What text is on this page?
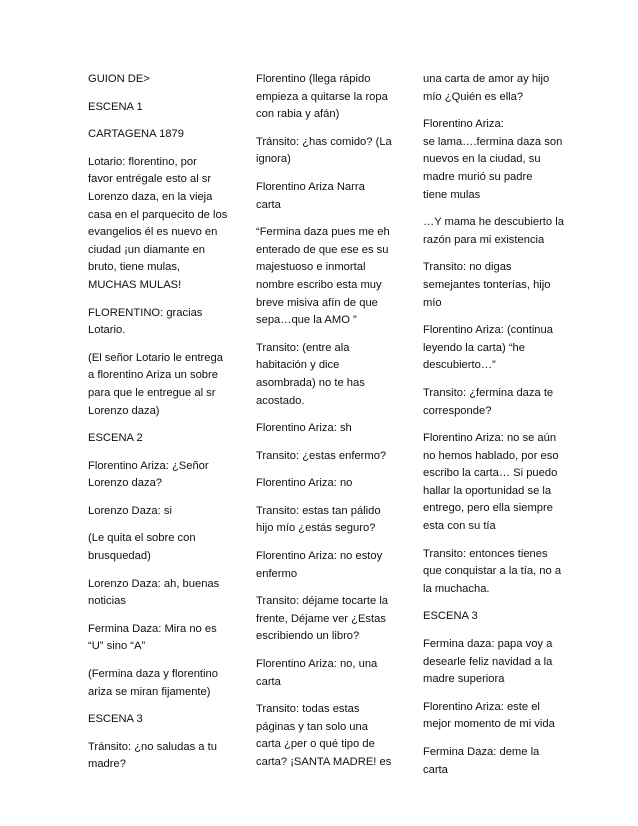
GUION DE>

ESCENA 1

CARTAGENA 1879

Lotario: florentino, por
favor entrégale esto al sr
Lorenzo daza, en la vieja
casa en el parquecito de los
evangelios él es nuevo en
ciudad ¡un diamante en
bruto, tiene mulas,
MUCHAS MULAS!

FLORENTINO: gracias
Lotario.

(El señor Lotario le entrega
a florentino Ariza un sobre
para que le entregue al sr
Lorenzo daza)

ESCENA 2

Florentino Ariza: ¿Señor
Lorenzo daza?

Lorenzo Daza: si

(Le quita el sobre con
brusquedad)

Lorenzo Daza: ah, buenas
noticias

Fermina Daza: Mira no es
“U” sino “A”

(Fermina daza y florentino
ariza se miran fijamente)

ESCENA 3

Tránsito: ¿no saludas a tu
madre?

Florentino (llega rápido
empieza a quitarse la ropa
con rabia y afán)

Tránsito: ¿has comido? (La
ignora)

Florentino Ariza Narra
carta

“Fermina daza pues me eh
enterado de que ese es su
majestuoso e inmortal
nombre escribo esta muy
breve misiva afín de que
sepa…que la AMO ”

Transito: (entre ala
habitación y dice
asombrada) no te has
acostado.

Florentino Ariza: sh

Transito: ¿estas enfermo?

Florentino Ariza: no

Transito: estas tan pálido
hijo mío ¿estás seguro?

Florentino Ariza: no estoy
enfermo

Transito: déjame tocarte la
frente, Déjame ver ¿Estas
escribiendo un libro?

Florentino Ariza: no, una
carta

Transito: todas estas
páginas y tan solo una
carta ¿per o qué tipo de
carta? ¡SANTA MADRE! es

una carta de amor ay hijo
mío ¿Quién es ella?

Florentino Ariza:
se lama….fermina daza son
nuevos en la ciudad, su
madre murió su padre
tiene mulas

…Y mama he descubierto la
razón para mi existencia

Transito: no digas
semejantes tonterías, hijo
mío

Florentino Ariza: (continua
leyendo la carta) “he
descubierto…”

Transito: ¿fermina daza te
corresponde?

Florentino Ariza: no se aún
no hemos hablado, por eso
escribo la carta… Si puedo
hallar la oportunidad se la
entrego, pero ella siempre
esta con su tía

Transito: entonces tienes
que conquistar a la tía, no a
la muchacha.

ESCENA 3

Fermina daza: papa voy a
desearle feliz navidad a la
madre superiora

Florentino Ariza: este el
mejor momento de mi vida

Fermina Daza: deme la
carta
